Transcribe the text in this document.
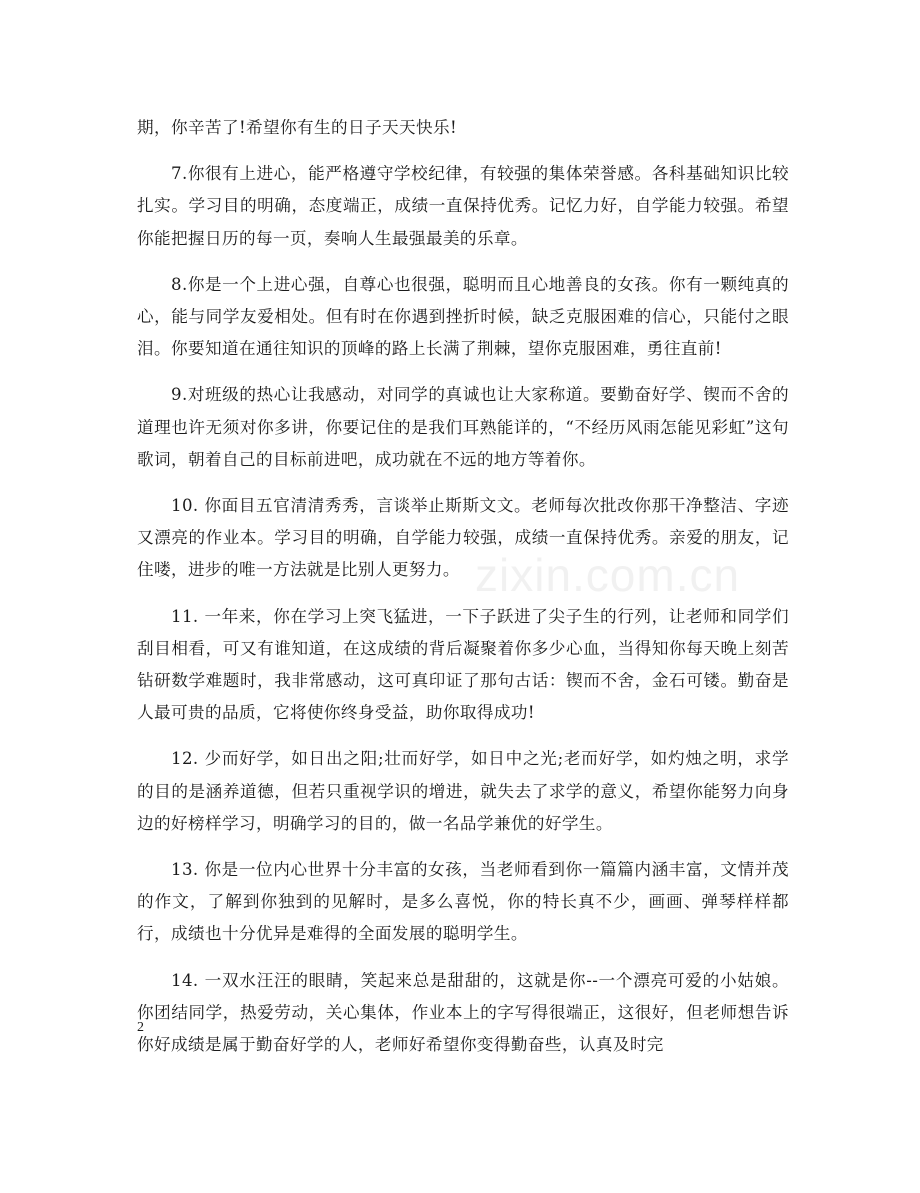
zixin.com.cn

期，你辛苦了!希望你有生的日子天天快乐!

7.你很有上进心，能严格遵守学校纪律，有较强的集体荣誉感。各科基础知识比较扎实。学习目的明确，态度端正，成绩一直保持优秀。记忆力好，自学能力较强。希望你能把握日历的每一页，奏响人生最强最美的乐章。

8.你是一个上进心强，自尊心也很强，聪明而且心地善良的女孩。你有一颗纯真的心，能与同学友爱相处。但有时在你遇到挫折时候，缺乏克服困难的信心，只能付之眼泪。你要知道在通往知识的顶峰的路上长满了荆棘，望你克服困难，勇往直前!

9.对班级的热心让我感动，对同学的真诚也让大家称道。要勤奋好学、锲而不舍的道理也许无须对你多讲，你要记住的是我们耳熟能详的，“不经历风雨怎能见彩虹”这句歌词，朝着自己的目标前进吧，成功就在不远的地方等着你。

10. 你面目五官清清秀秀，言谈举止斯斯文文。老师每次批改你那干净整洁、字迹又漂亮的作业本。学习目的明确，自学能力较强，成绩一直保持优秀。亲爱的朋友，记住喽，进步的唯一方法就是比别人更努力。

11. 一年来，你在学习上突飞猛进，一下子跃进了尖子生的行列，让老师和同学们刮目相看，可又有谁知道，在这成绩的背后凝聚着你多少心血，当得知你每天晚上刻苦钻研数学难题时，我非常感动，这可真印证了那句古话：锲而不舍，金石可镂。勤奋是人最可贵的品质，它将使你终身受益，助你取得成功!

12. 少而好学，如日出之阳;壮而好学，如日中之光;老而好学，如灼烛之明，求学的目的是涵养道德，但若只重视学识的增进，就失去了求学的意义，希望你能努力向身边的好榜样学习，明确学习的目的，做一名品学兼优的好学生。

13. 你是一位内心世界十分丰富的女孩，当老师看到你一篇篇内涵丰富，文情并茂的作文，了解到你独到的见解时，是多么喜悦，你的特长真不少，画画、弹琴样样都行，成绩也十分优异是难得的全面发展的聪明学生。

14. 一双水汪汪的眼睛，笑起来总是甜甜的，这就是你--一个漂亮可爱的小姑娘。你团结同学，热爱劳动，关心集体，作业本上的字写得很端正，这很好，但老师想告诉你好成绩是属于勤奋好学的人，老师好希望你变得勤奋些，认真及时完

2
